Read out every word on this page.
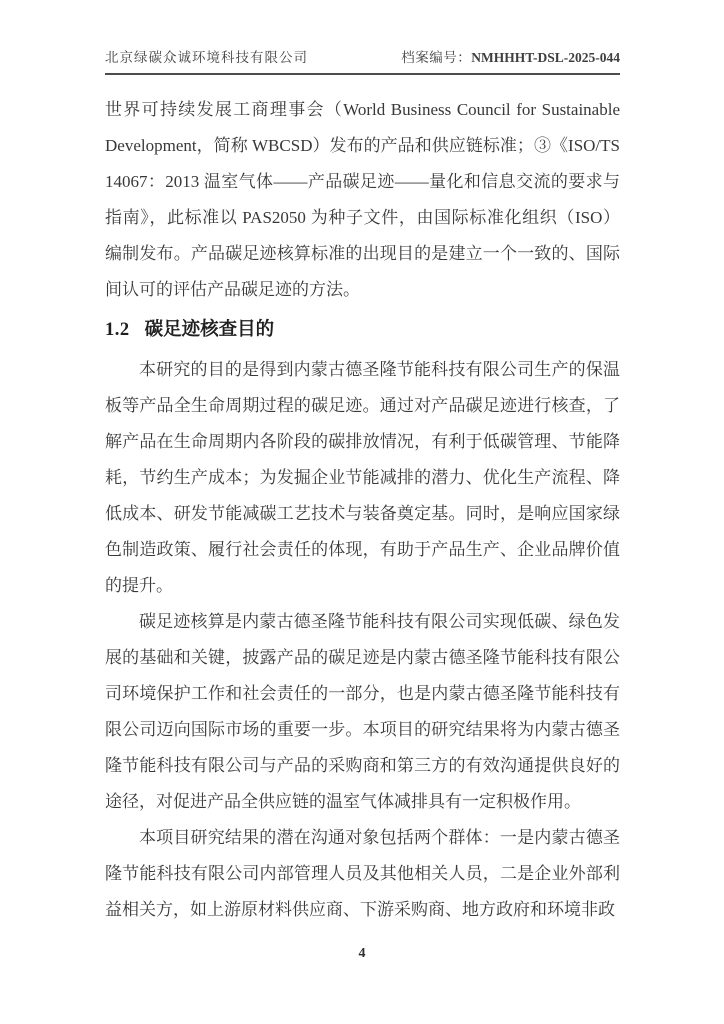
北京绿碳众诚环境科技有限公司	档案编号：NMHHHT-DSL-2025-044

世界可持续发展工商理事会（World Business Council for Sustainable Development，简称 WBCSD）发布的产品和供应链标准；③《ISO/TS 14067：2013 温室气体——产品碳足迹——量化和信息交流的要求与指南》，此标准以 PAS2050 为种子文件，由国际标准化组织（ISO）编制发布。产品碳足迹核算标准的出现目的是建立一个一致的、国际间认可的评估产品碳足迹的方法。

1.2 碳足迹核查目的

本研究的目的是得到内蒙古德圣隆节能科技有限公司生产的保温板等产品全生命周期过程的碳足迹。通过对产品碳足迹进行核查，了解产品在生命周期内各阶段的碳排放情况，有利于低碳管理、节能降耗，节约生产成本；为发掘企业节能减排的潜力、优化生产流程、降低成本、研发节能减碳工艺技术与装备奠定基。同时，是响应国家绿色制造政策、履行社会责任的体现，有助于产品生产、企业品牌价值的提升。

碳足迹核算是内蒙古德圣隆节能科技有限公司实现低碳、绿色发展的基础和关键，披露产品的碳足迹是内蒙古德圣隆节能科技有限公司环境保护工作和社会责任的一部分，也是内蒙古德圣隆节能科技有限公司迈向国际市场的重要一步。本项目的研究结果将为内蒙古德圣隆节能科技有限公司与产品的采购商和第三方的有效沟通提供良好的途径，对促进产品全供应链的温室气体减排具有一定积极作用。

本项目研究结果的潜在沟通对象包括两个群体：一是内蒙古德圣隆节能科技有限公司内部管理人员及其他相关人员，二是企业外部利益相关方，如上游原材料供应商、下游采购商、地方政府和环境非政

4
